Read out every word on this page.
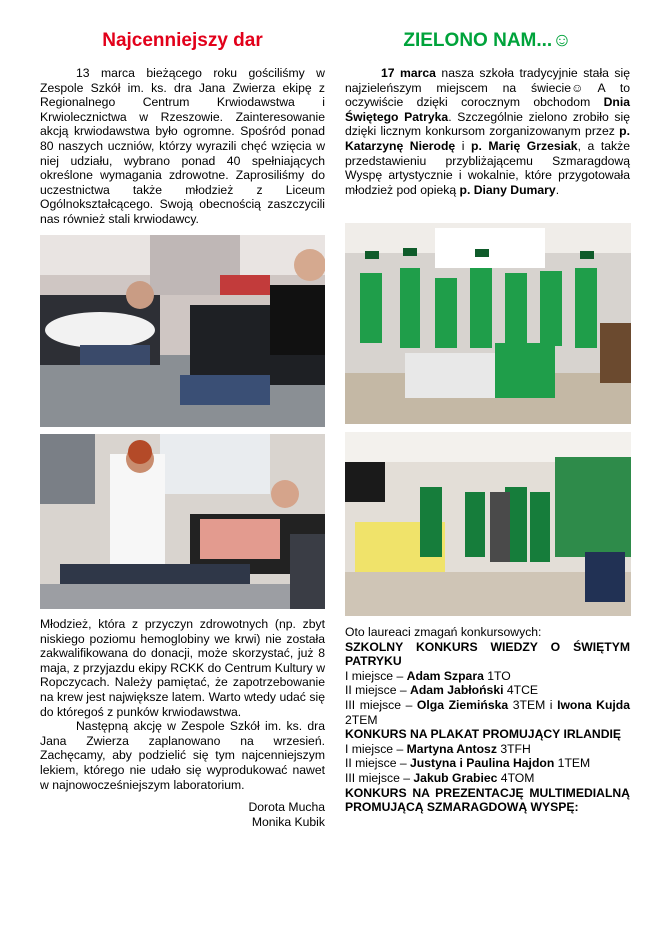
Najcenniejszy dar

13 marca bieżącego roku gościliśmy w Zespole Szkół im. ks. dra Jana Zwierza ekipę z Regionalnego Centrum Krwiodawstwa i Krwiolecznictwa w Rzeszowie. Zainteresowanie akcją krwiodawstwa było ogromne. Spośród ponad 80 naszych uczniów, którzy wyrazili chęć wzięcia w niej udziału, wybrano ponad 40 spełniających określone wymagania zdrowotne. Zaprosiliśmy do uczestnictwa także młodzież z Liceum Ogólnokształcącego. Swoją obecnością zaszczycili nas również stali krwiodawcy.

Młodzież, która z przyczyn zdrowotnych (np. zbyt niskiego poziomu hemoglobiny we krwi) nie została zakwalifikowana do donacji, może skorzystać, już 8 maja, z przyjazdu ekipy RCKK do Centrum Kultury w Ropczycach. Należy pamiętać, że zapotrzebowanie na krew jest największe latem. Warto wtedy udać się do któregoś z punków krwiodawstwa.

Następną akcję w Zespole Szkół im. ks. dra Jana Zwierza zaplanowano na wrzesień. Zachęcamy, aby podzielić się tym najcenniejszym lekiem, którego nie udało się wyprodukować nawet w najnowocześniejszym laboratorium.

Dorota Mucha
Monika Kubik
ZIELONO NAM...☺

17 marca nasza szkoła tradycyjnie stała się najzieleńszym miejscem na świecie☺ A to oczywiście dzięki corocznym obchodom Dnia Świętego Patryka. Szczególnie zielono zrobiło się dzięki licznym konkursom zorganizowanym przez p. Katarzynę Nierodę i p. Marię Grzesiak, a także przedstawieniu przybliżającemu Szmaragdową Wyspę artystycznie i wokalnie, które przygotowała młodzież pod opieką p. Diany Dumary.

Oto laureaci zmagań konkursowych:

SZKOLNY KONKURS WIEDZY O ŚWIĘTYM PATRYKU

I miejsce – Adam Szpara 1TO

II miejsce – Adam Jabłoński 4TCE

III miejsce – Olga Ziemińska 3TEM i Iwona Kujda 2TEM

KONKURS NA PLAKAT PROMUJĄCY IRLANDIĘ

I miejsce – Martyna Antosz 3TFH

II miejsce – Justyna i Paulina Hajdon 1TEM

III miejsce – Jakub Grabiec 4TOM

KONKURS NA PREZENTACJĘ MULTIMEDIALNĄ PROMUJĄCĄ SZMARAGDOWĄ WYSPĘ:
